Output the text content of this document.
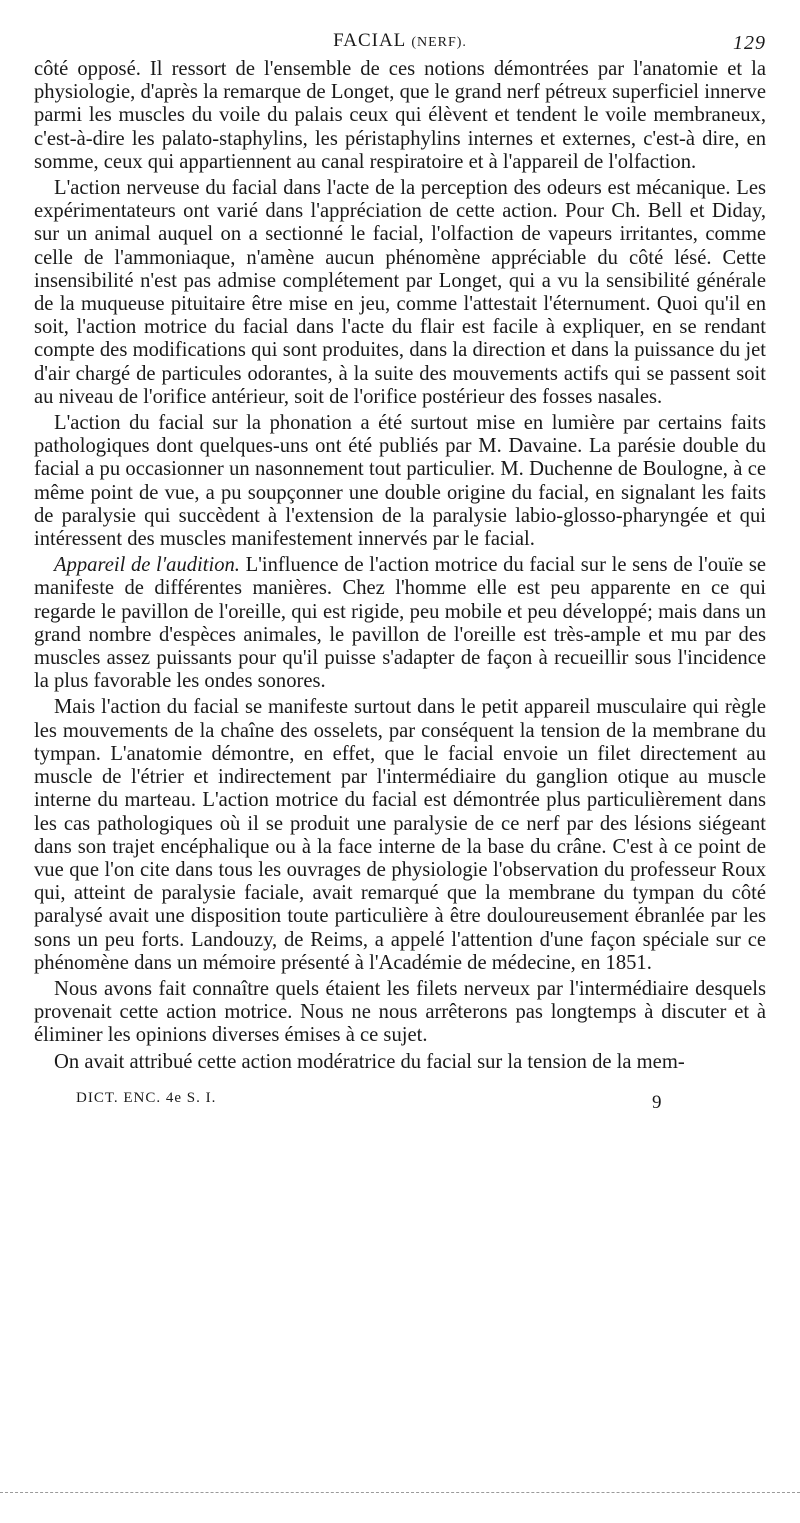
FACIAL (NERF).	129

côté opposé. Il ressort de l'ensemble de ces notions démontrées par l'anatomie et la physiologie, d'après la remarque de Longet, que le grand nerf pétreux superficiel innerve parmi les muscles du voile du palais ceux qui élèvent et tendent le voile membraneux, c'est-à-dire les palato-staphylins, les péristaphylins internes et externes, c'est-à dire, en somme, ceux qui appartiennent au canal respiratoire et à l'appareil de l'olfaction.

L'action nerveuse du facial dans l'acte de la perception des odeurs est mécanique. Les expérimentateurs ont varié dans l'appréciation de cette action. Pour Ch. Bell et Diday, sur un animal auquel on a sectionné le facial, l'olfaction de vapeurs irritantes, comme celle de l'ammoniaque, n'amène aucun phénomène appréciable du côté lésé. Cette insensibilité n'est pas admise complétement par Longet, qui a vu la sensibilité générale de la muqueuse pituitaire être mise en jeu, comme l'attestait l'éternument. Quoi qu'il en soit, l'action motrice du facial dans l'acte du flair est facile à expliquer, en se rendant compte des modifications qui sont produites, dans la direction et dans la puissance du jet d'air chargé de particules odorantes, à la suite des mouvements actifs qui se passent soit au niveau de l'orifice antérieur, soit de l'orifice postérieur des fosses nasales.

L'action du facial sur la phonation a été surtout mise en lumière par certains faits pathologiques dont quelques-uns ont été publiés par M. Davaine. La parésie double du facial a pu occasionner un nasonnement tout particulier. M. Duchenne de Boulogne, à ce même point de vue, a pu soupçonner une double origine du facial, en signalant les faits de paralysie qui succèdent à l'extension de la paralysie labio-glosso-pharyngée et qui intéressent des muscles manifestement innervés par le facial.

Appareil de l'audition. L'influence de l'action motrice du facial sur le sens de l'ouïe se manifeste de différentes manières. Chez l'homme elle est peu apparente en ce qui regarde le pavillon de l'oreille, qui est rigide, peu mobile et peu développé; mais dans un grand nombre d'espèces animales, le pavillon de l'oreille est très-ample et mu par des muscles assez puissants pour qu'il puisse s'adapter de façon à recueillir sous l'incidence la plus favorable les ondes sonores.

Mais l'action du facial se manifeste surtout dans le petit appareil musculaire qui règle les mouvements de la chaîne des osselets, par conséquent la tension de la membrane du tympan. L'anatomie démontre, en effet, que le facial envoie un filet directement au muscle de l'étrier et indirectement par l'intermédiaire du ganglion otique au muscle interne du marteau. L'action motrice du facial est démontrée plus particulièrement dans les cas pathologiques où il se produit une paralysie de ce nerf par des lésions siégeant dans son trajet encéphalique ou à la face interne de la base du crâne. C'est à ce point de vue que l'on cite dans tous les ouvrages de physiologie l'observation du professeur Roux qui, atteint de paralysie faciale, avait remarqué que la membrane du tympan du côté paralysé avait une disposition toute particulière à être douloureusement ébranlée par les sons un peu forts. Landouzy, de Reims, a appelé l'attention d'une façon spéciale sur ce phénomène dans un mémoire présenté à l'Académie de médecine, en 1851.

Nous avons fait connaître quels étaient les filets nerveux par l'intermédiaire desquels provenait cette action motrice. Nous ne nous arrêterons pas longtemps à discuter et à éliminer les opinions diverses émises à ce sujet.

On avait attribué cette action modératrice du facial sur la tension de la mem-

DICT. ENC. 4e S. I.	9
